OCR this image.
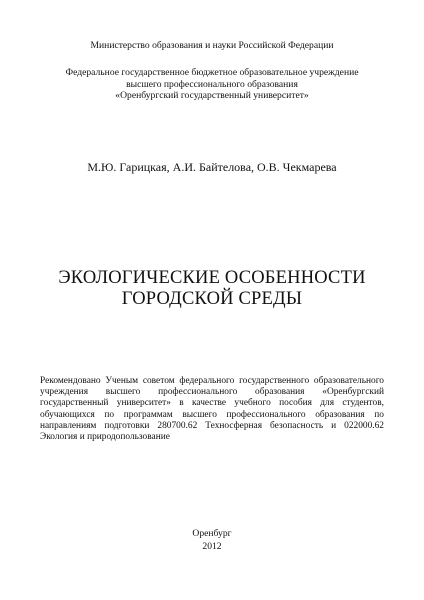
Министерство образования и науки Российской Федерации
Федеральное государственное бюджетное образовательное учреждение
высшего профессионального образования
«Оренбургский государственный университет»
М.Ю. Гарицкая, А.И. Байтелова, О.В. Чекмарева
ЭКОЛОГИЧЕСКИЕ ОСОБЕННОСТИ
ГОРОДСКОЙ СРЕДЫ
Рекомендовано Ученым советом федерального государственного образовательного
учреждения высшего профессионального образования «Оренбургский
государственный университет» в качестве учебного пособия для студентов,
обучающихся по программам высшего профессионального образования по
направлениям подготовки 280700.62 Техносферная безопасность и 022000.62
Экология и природопользование
Оренбург
2012
